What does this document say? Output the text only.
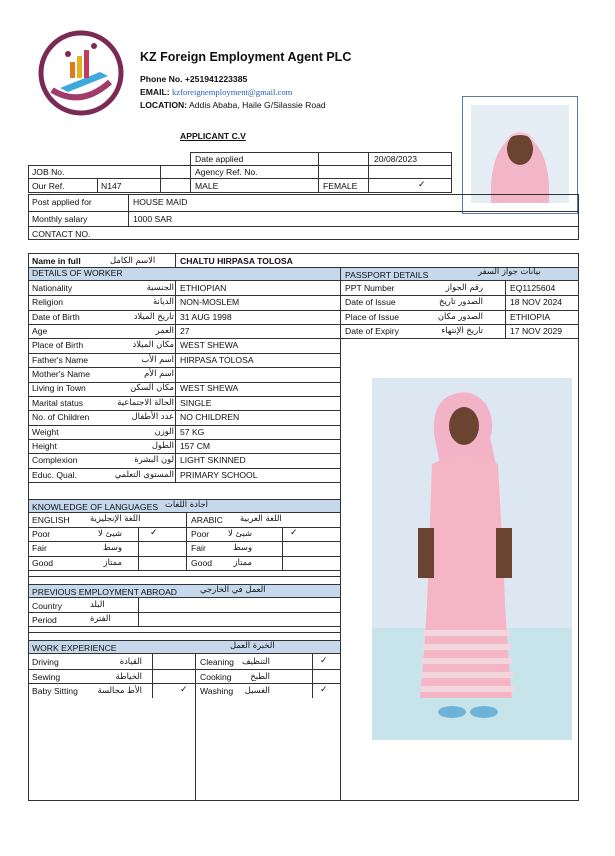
KZ Foreign Employment Agent PLC
Phone No. +251941223385
EMAIL: kzforeignemployment@gmail.com
LOCATION: Addis Ababa, Haile G/Silassie Road
APPLICANT C.V
Date applied	20/08/2023
JOB No.	Agency Ref. No.
Our Ref.	N147	MALE	FEMALE	✓
Post applied for	HOUSE MAID
Monthly salary	1000 SAR
CONTACT NO.
Name in full	الاسم الكامل	CHALTU HIRPASA TOLOSA
DETAILS OF WORKER	PASSPORT DETAILS	بيانات جواز السفر
Nationality	الجنسية ETHIOPIAN
Religion	الديانة NON-MOSLEM
Date of Birth	تاريخ الميلاد 31 AUG 1998
Age	العمر 27
Place of Birth	مكان الميلاد WEST SHEWA
Father's Name	اسم الأب HIRPASA TOLOSA
Mother's Name	اسم الأم
Living in Town	مكان السكن WEST SHEWA
Marital status	الحالة الاجتماعية SINGLE
No. of Children	عدد الأطفال NO CHILDREN
Weight	الوزن 57 KG
Height	الطول 157 CM
Complexion	لون البشرة LIGHT SKINNED
Educ. Qual.	المستوى التعلمي PRIMARY SCHOOL
PPT Number	رقم الجواز	EQ1125604
Date of Issue	الصدور تاريخ	18 NOV 2024
Place of Issue	الصدور مكان	ETHIOPIA
Date of Expiry	تاريخ الإنتهاء	17 NOV 2029
KNOWLEDGE OF LANGUAGES اجادة اللغات
ENGLISH اللغة الإنجليزية	ARABIC اللغة العربية
Poor	شيئ لا	✓	Poor	شيئ لا	✓
Fair	وسط	Fair	وسط
Good	ممتاز	Good	ممتاز
PREVIOUS EMPLOYMENT ABROAD	العمل في الخارجي
Country	البلد
Period	الفترة
WORK EXPERIENCE	الخبرة العمل
Driving	القيادة	Cleaning التنظيف	✓
Sewing	الخياطة	Cooking	الطبخ
Baby Sitting	الأط مجالسة	✓ Washing	الغسيل	✓
